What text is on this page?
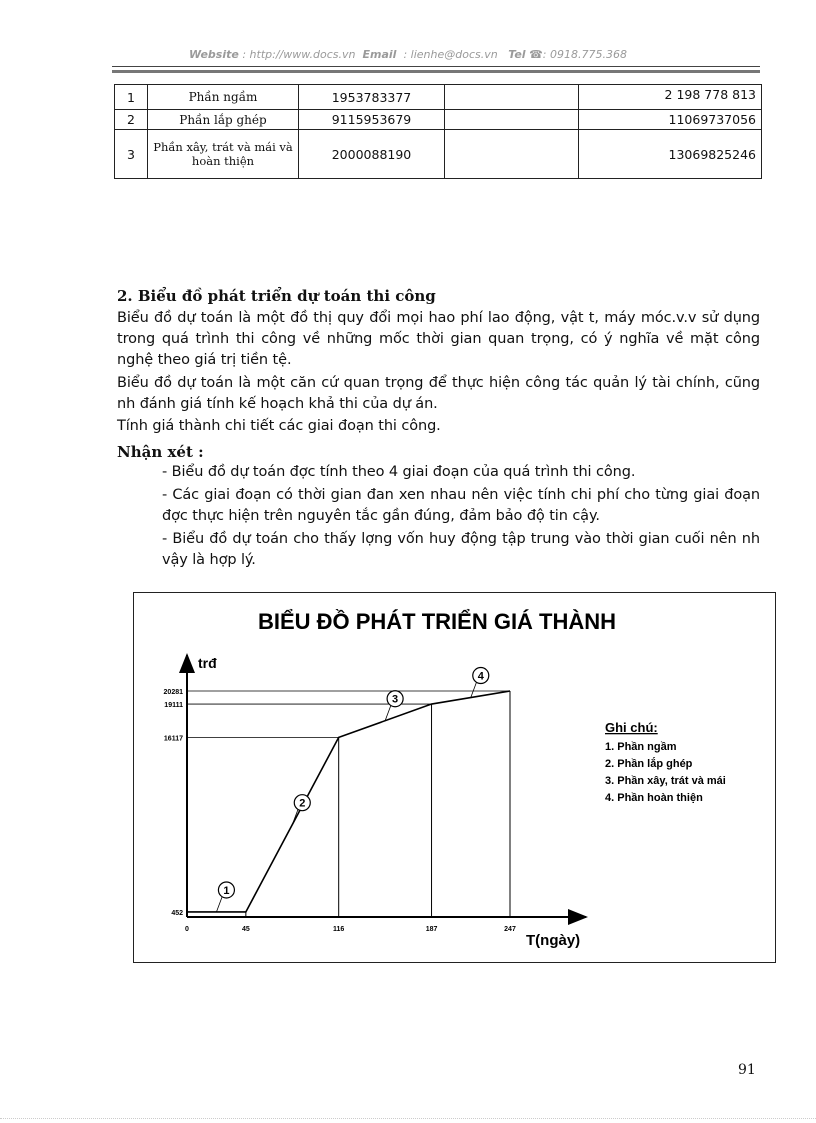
Website : http://www.docs.vn Email : lienhe@docs.vn Tel ☎: 0918.775.368
1	Phần ngầm	1953783377		2 198 778 813
2	Phần lắp ghép	9115953679		11069737056
3	Phần xây, trát và mái và hoàn thiện	2000088190		13069825246
2. Biểu đồ phát triển dự toán thi công
Biểu đồ dự toán là một đồ thị quy đổi mọi hao phí lao động, vật t, máy móc.v.v sử dụng trong quá trình thi công về những mốc thời gian quan trọng, có ý nghĩa về mặt công nghệ theo giá trị tiền tệ.
Biểu đồ dự toán là một căn cứ quan trọng để thực hiện công tác quản lý tài chính, cũng nh đánh giá tính kế hoạch khả thi của dự án.
Tính giá thành chi tiết các giai đoạn thi công.
Nhận xét :
- Biểu đồ dự toán đợc tính theo 4 giai đoạn của quá trình thi công.
- Các giai đoạn có thời gian đan xen nhau nên việc tính chi phí cho từng giai đoạn đợc thực hiện trên nguyên tắc gần đúng, đảm bảo độ tin cậy.
- Biểu đồ dự toán cho thấy lợng vốn huy động tập trung vào thời gian cuối nên nh vậy là hợp lý.
BIỂU ĐỒ PHÁT TRIỂN GIÁ THÀNH
trđ
T(ngày)
0	45	116	187	247
452
16117
19111
20281
1
2
3
4
Ghi chú:
1. Phần ngầm
2. Phần lắp ghép
3. Phần xây, trát và mái
4. Phần hoàn thiện
91
